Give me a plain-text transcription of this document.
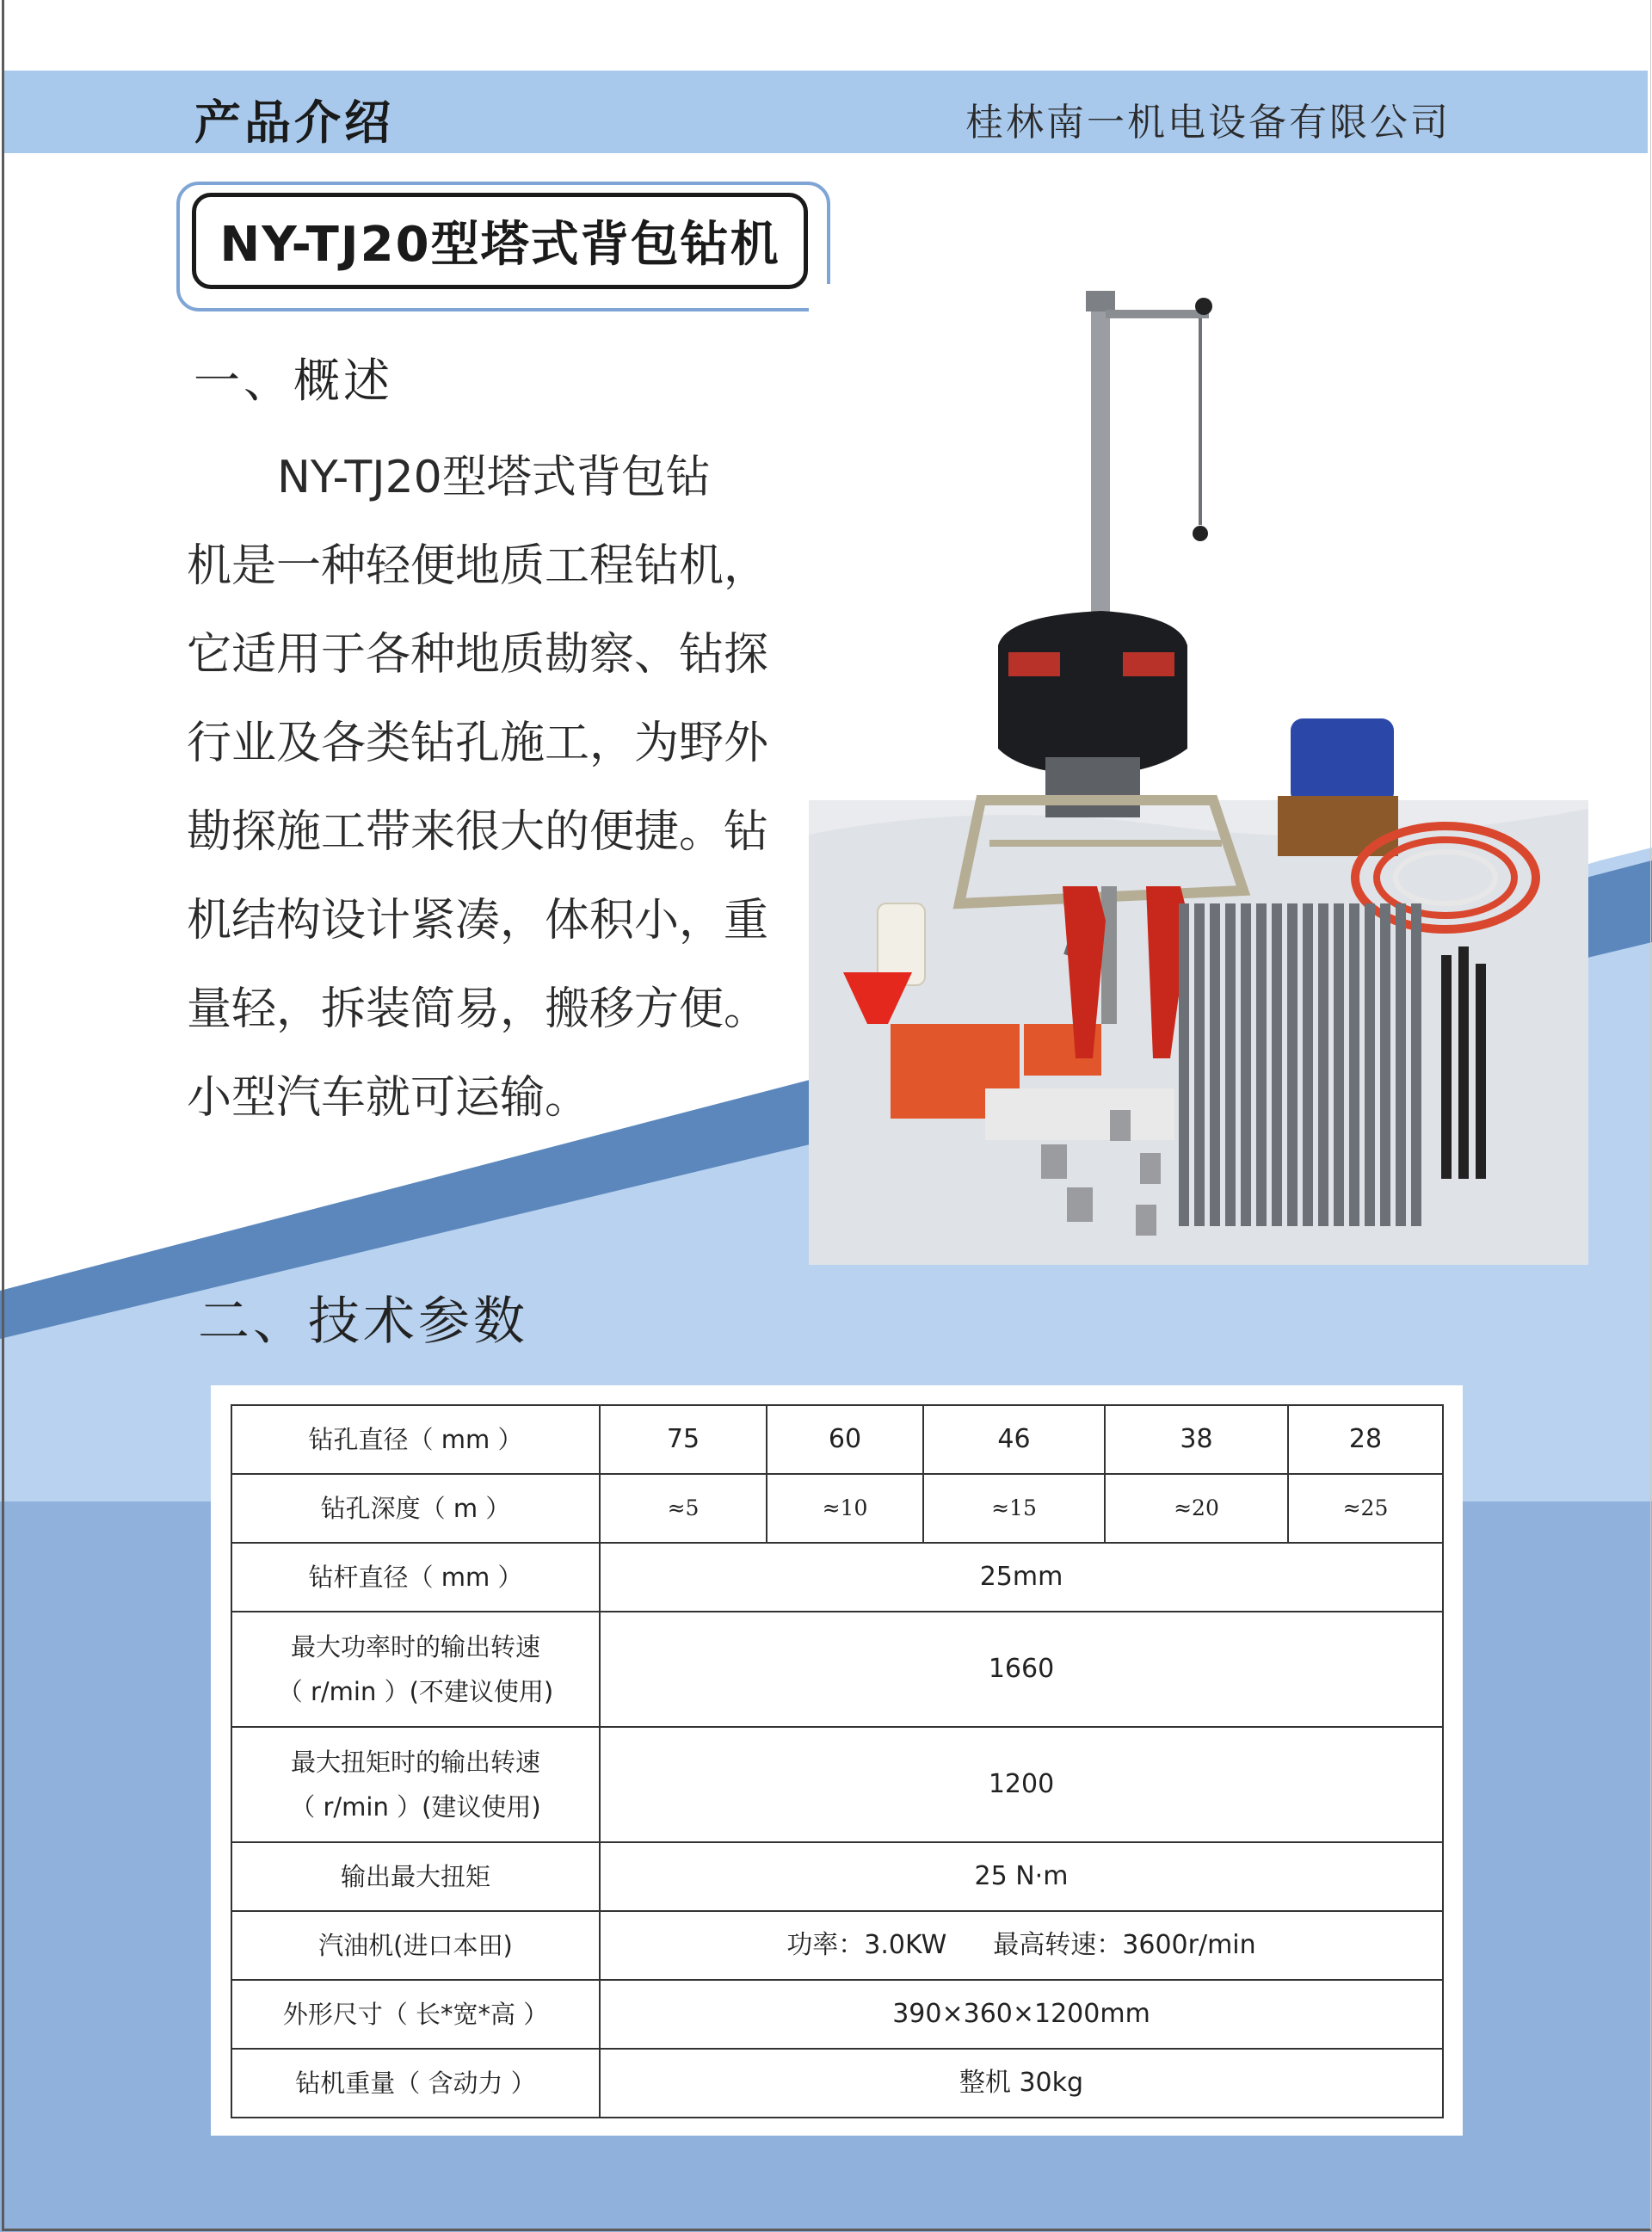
产品介绍	桂林南一机电设备有限公司
NY-TJ20型塔式背包钻机
一、概述
NY-TJ20型塔式背包钻
机是一种轻便地质工程钻机，
它适用于各种地质勘察、钻探
行业及各类钻孔施工，为野外
勘探施工带来很大的便捷。钻
机结构设计紧凑，体积小，重
量轻，拆装简易，搬移方便。
小型汽车就可运输。
二、技术参数
钻孔直径（ mm ）	75	60	46	38	28
钻孔深度（ m ）	≈5	≈10	≈15	≈20	≈25
钻杆直径（ mm ）	25mm				

最大功率时的输出转速
（ r/min ）(不建议使用)	1660				

最大扭矩时的输出转速
（ r/min ）(建议使用)	1200				
输出最大扭矩	25 N·m				
汽油机(进口本田)	功率：3.0KW 最高转速：3600r/min				
外形尺寸（ 长*宽*高 ）	390×360×1200mm				
钻机重量（ 含动力 ）	整机 30kg				
